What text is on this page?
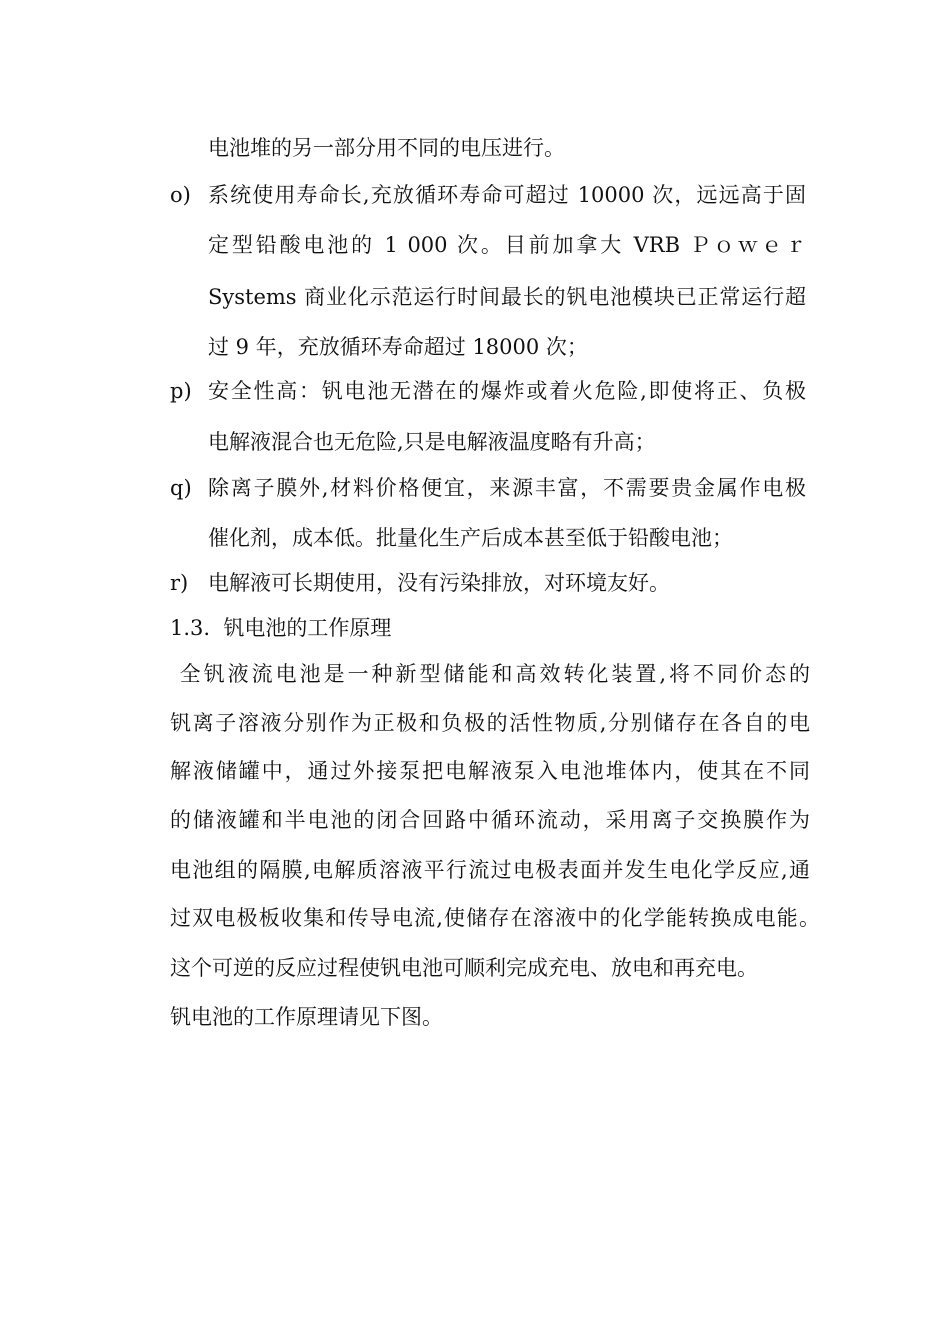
电池堆的另一部分用不同的电压进行。
o) 系统使用寿命长,充放循环寿命可超过 10000 次，远远高于固
定型铅酸电池的 1 000 次。目前加拿大 VRB Ｐｏｗｅｒ
Systems 商业化示范运行时间最长的钒电池模块已正常运行超
过 9 年，充放循环寿命超过 18000 次；
p) 安全性高：钒电池无潜在的爆炸或着火危险,即使将正、负极
电解液混合也无危险,只是电解液温度略有升高；
q) 除离子膜外,材料价格便宜，来源丰富，不需要贵金属作电极
催化剂，成本低。批量化生产后成本甚至低于铅酸电池；
r) 电解液可长期使用，没有污染排放，对环境友好。
1.3.  钒电池的工作原理
全钒液流电池是一种新型储能和高效转化装置,将不同价态的
钒离子溶液分别作为正极和负极的活性物质,分别储存在各自的电
解液储罐中，通过外接泵把电解液泵入电池堆体内，使其在不同
的储液罐和半电池的闭合回路中循环流动，采用离子交换膜作为
电池组的隔膜,电解质溶液平行流过电极表面并发生电化学反应,通
过双电极板收集和传导电流,使储存在溶液中的化学能转换成电能。
这个可逆的反应过程使钒电池可顺利完成充电、放电和再充电。
钒电池的工作原理请见下图。
